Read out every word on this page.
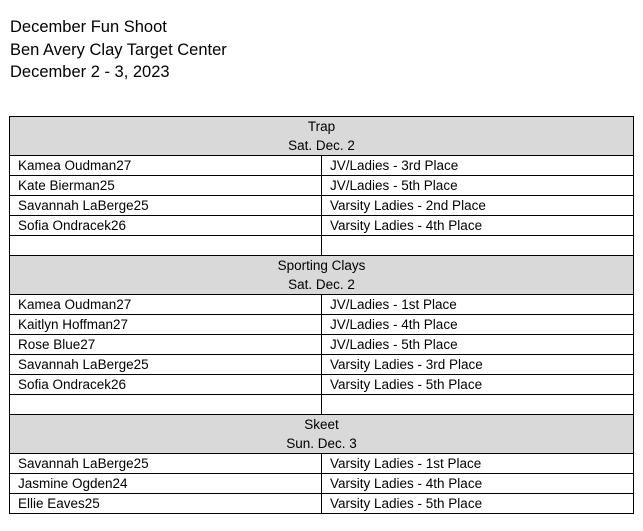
December Fun Shoot
Ben Avery Clay Target Center
December 2 - 3, 2023
Trap
Sat. Dec. 2	

Kamea Oudman27	JV/Ladies - 3rd Place
Kate Bierman25	JV/Ladies - 5th Place
Savannah LaBerge25	Varsity Ladies - 2nd Place
Sofia Ondracek26	Varsity Ladies - 4th Place

Sporting Clays
Sat. Dec. 2	

Kamea Oudman27	JV/Ladies - 1st Place
Kaitlyn Hoffman27	JV/Ladies - 4th Place
Rose Blue27	JV/Ladies - 5th Place
Savannah LaBerge25	Varsity Ladies - 3rd Place
Sofia Ondracek26	Varsity Ladies - 5th Place

Skeet
Sun. Dec. 3	

Savannah LaBerge25	Varsity Ladies - 1st Place
Jasmine Ogden24	Varsity Ladies - 4th Place
Ellie Eaves25	Varsity Ladies - 5th Place
